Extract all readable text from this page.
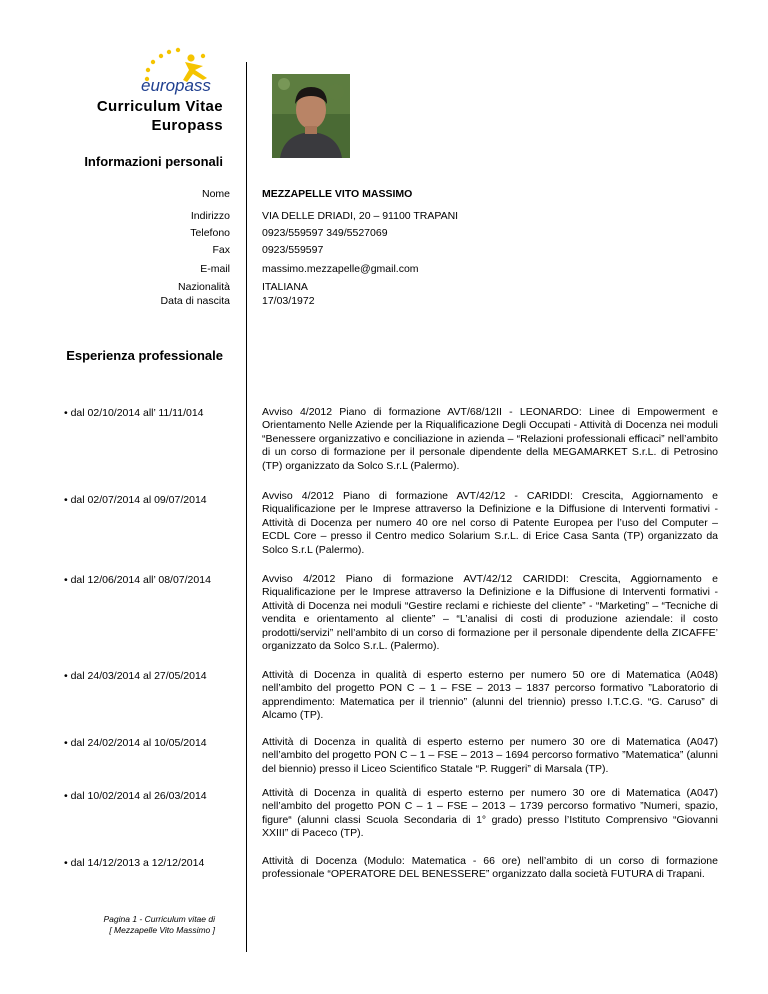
europass
Curriculum Vitae
Europass
Informazioni personali
Nome	MEZZAPELLE VITO MASSIMO
Indirizzo	VIA DELLE DRIADI, 20 – 91100 TRAPANI
Telefono	0923/559597 349/5527069
Fax	0923/559597
E-mail	massimo.mezzapelle@gmail.com
Nazionalità	ITALIANA
Data di nascita	17/03/1972
Esperienza professionale
• dal 02/10/2014 all’ 11/11/014	Avviso 4/2012 Piano di formazione AVT/68/12II - LEONARDO: Linee di Empowerment e Orientamento Nelle Aziende per la Riqualificazione Degli Occupati - Attività di Docenza nei moduli “Benessere organizzativo e conciliazione in azienda – “Relazioni professionali efficaci” nell’ambito di un corso di formazione per il personale dipendente della MEGAMARKET S.r.L. di Petrosino (TP) organizzato da Solco S.r.L (Palermo).
• dal 02/07/2014 al 09/07/2014	Avviso 4/2012 Piano di formazione AVT/42/12 - CARIDDI: Crescita, Aggiornamento e Riqualificazione per le Imprese attraverso la Definizione e la Diffusione di Interventi formativi - Attività di Docenza per numero 40 ore nel corso di Patente Europea per l’uso del Computer – ECDL Core – presso il Centro medico Solarium S.r.L. di Erice Casa Santa (TP) organizzato da Solco S.r.L (Palermo).
• dal 12/06/2014 all’ 08/07/2014	Avviso 4/2012 Piano di formazione AVT/42/12 CARIDDI: Crescita, Aggiornamento e Riqualificazione per le Imprese attraverso la Definizione e la Diffusione di Interventi formativi - Attività di Docenza nei moduli “Gestire reclami e richieste del cliente” - “Marketing” – “Tecniche di vendita e orientamento al cliente” – “L’analisi di costi di produzione aziendale: il costo prodotti/servizi” nell’ambito di un corso di formazione per il personale dipendente della ZICAFFE’ organizzato da Solco S.r.L. (Palermo).
• dal 24/03/2014 al 27/05/2014	Attività di Docenza in qualità di esperto esterno per numero 50 ore di Matematica (A048) nell’ambito del progetto PON C – 1 – FSE – 2013 – 1837 percorso formativo ”Laboratorio di apprendimento: Matematica per il triennio” (alunni del triennio) presso I.T.C.G. “G. Caruso” di Alcamo (TP).
• dal 24/02/2014 al 10/05/2014	Attività di Docenza in qualità di esperto esterno per numero 30 ore di Matematica (A047) nell’ambito del progetto PON C – 1 – FSE – 2013 – 1694 percorso formativo ”Matematica” (alunni del biennio) presso il Liceo Scientifico Statale “P. Ruggeri” di Marsala (TP).
• dal 10/02/2014 al 26/03/2014	Attività di Docenza in qualità di esperto esterno per numero 30 ore di Matematica (A047) nell’ambito del progetto PON C – 1 – FSE – 2013 – 1739 percorso formativo ”Numeri, spazio, figure“ (alunni classi Scuola Secondaria di 1° grado) presso l’Istituto Comprensivo “Giovanni XXIII” di Paceco (TP).
• dal 14/12/2013 a 12/12/2014	Attività di Docenza (Modulo: Matematica - 66 ore) nell’ambito di un corso di formazione professionale “OPERATORE DEL BENESSERE” organizzato dalla società FUTURA di Trapani.
Pagina 1 - Curriculum vitae di
[ Mezzapelle Vito Massimo ]
